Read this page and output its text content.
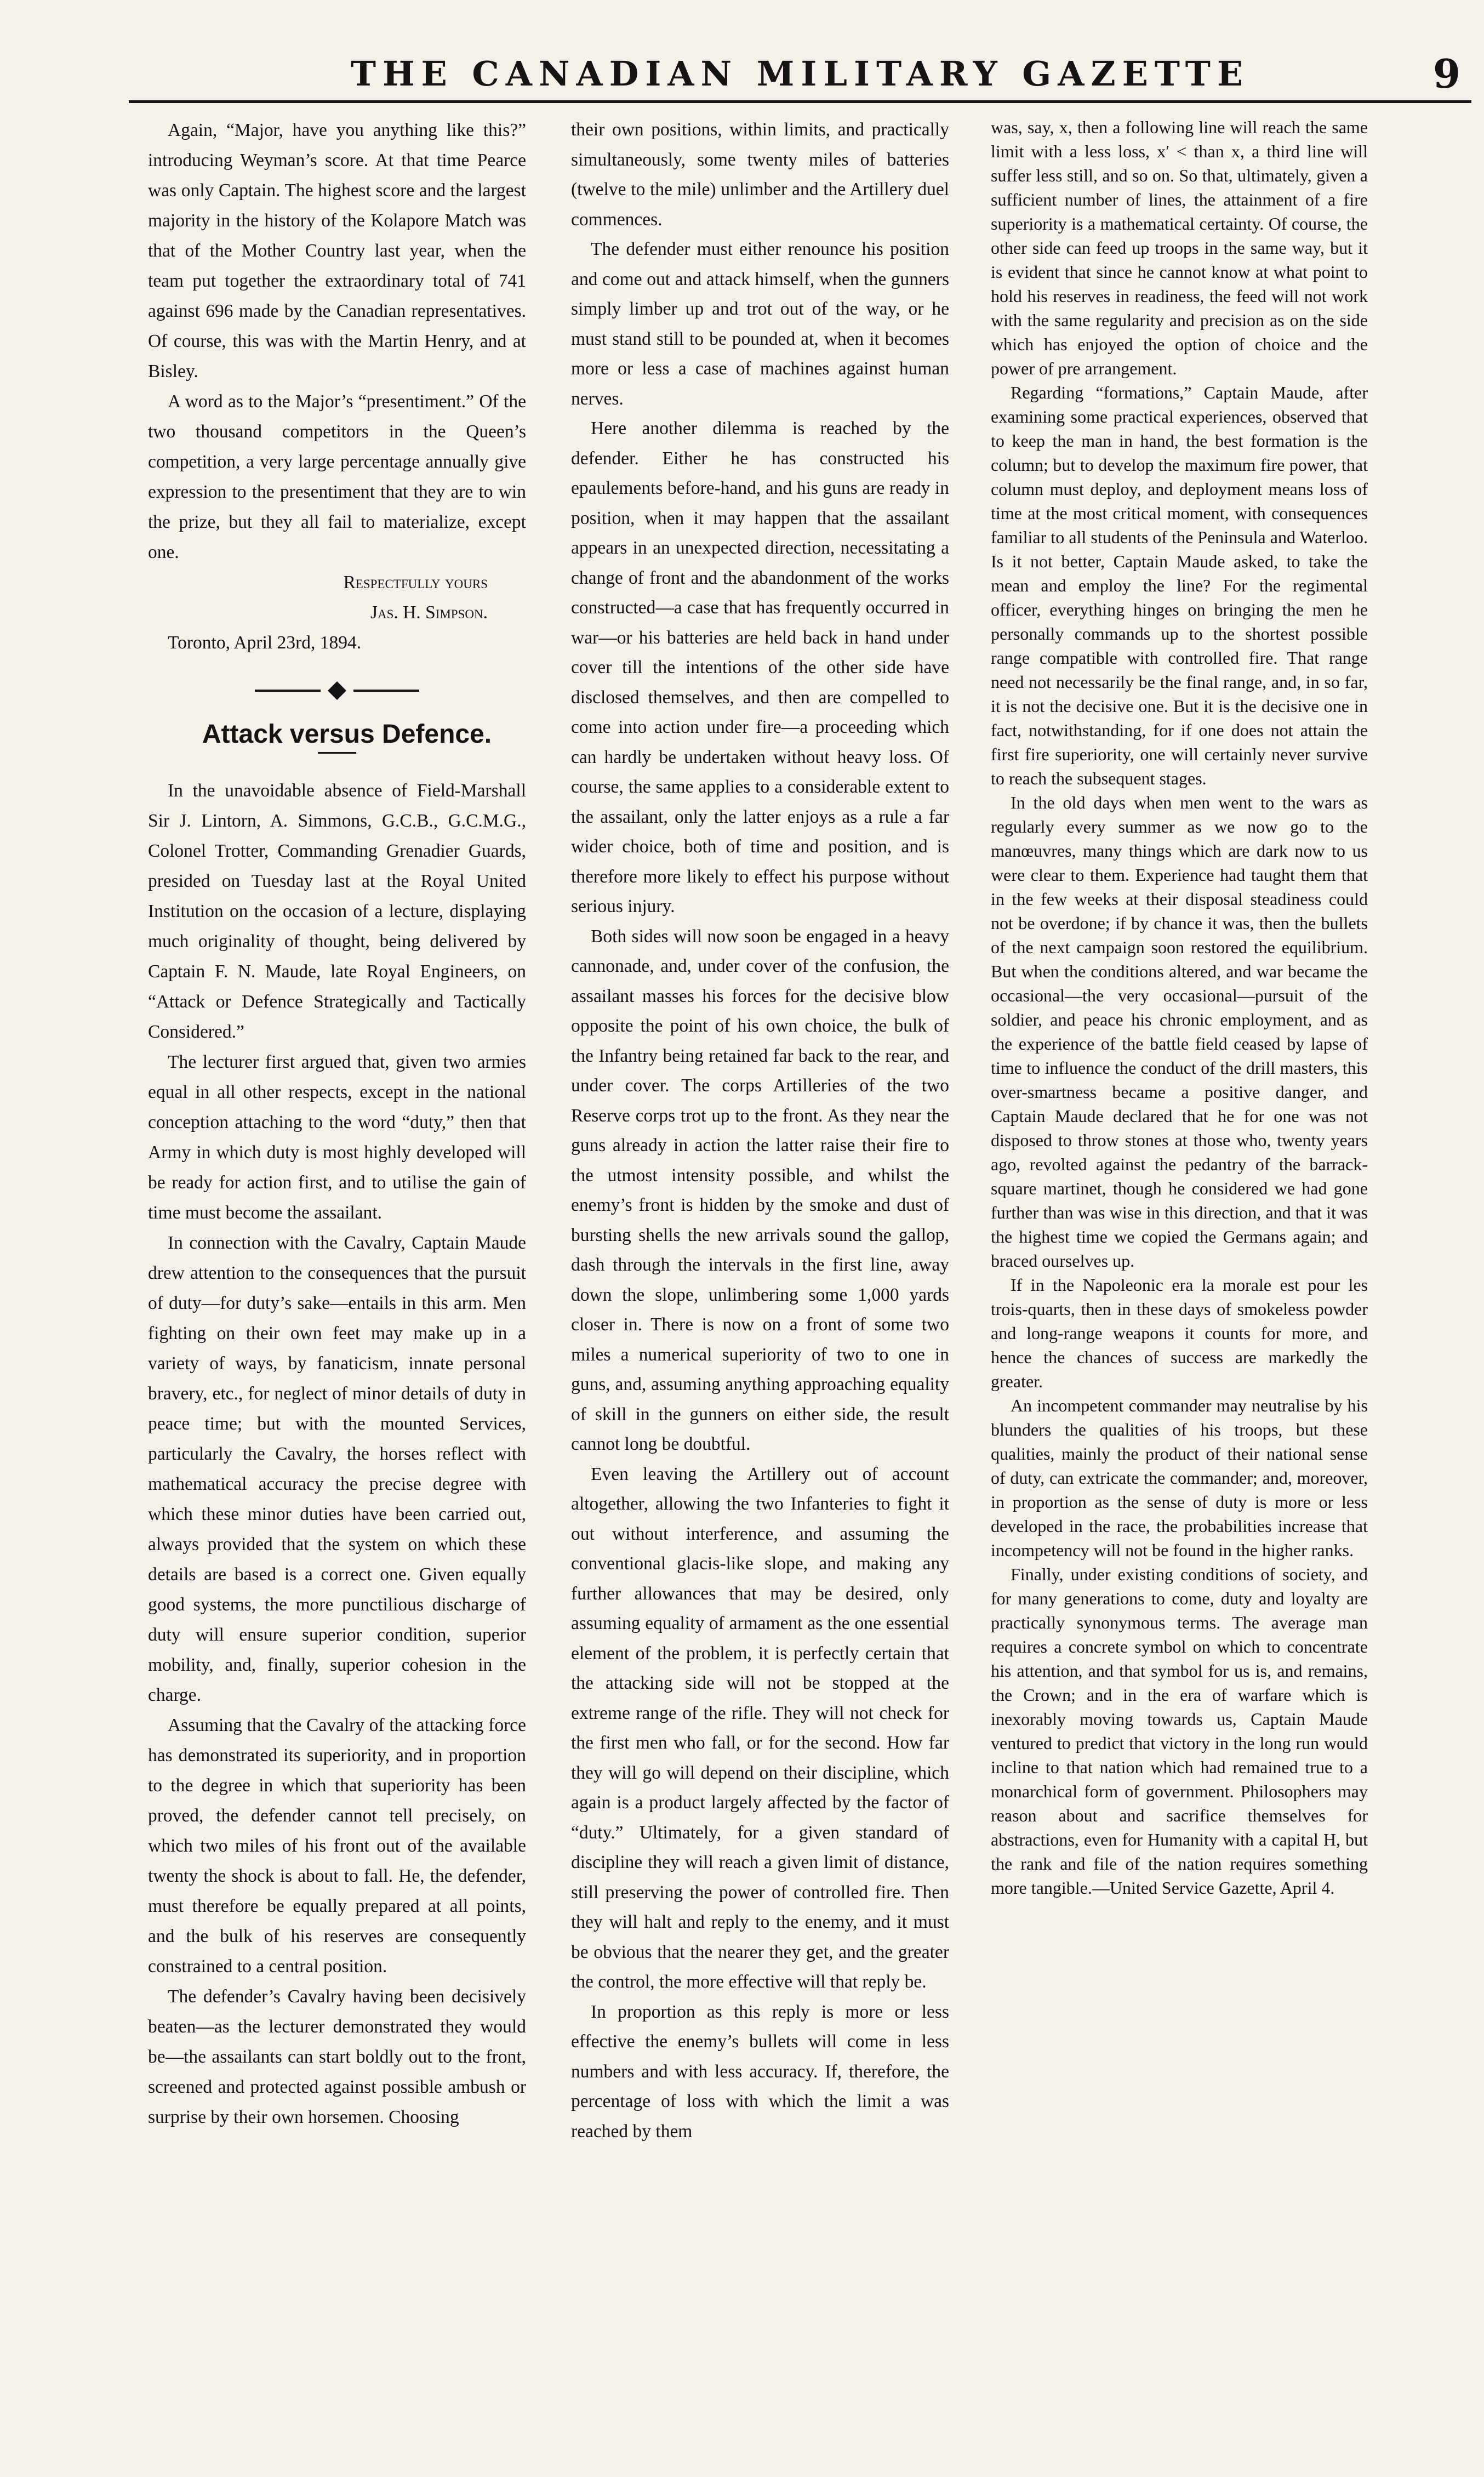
THE CANADIAN MILITARY GAZETTE	9

Again, “Major, have you anything like this?” introducing Weyman’s score. At that time Pearce was only Captain. The highest score and the largest majority in the history of the Kolapore Match was that of the Mother Country last year, when the team put together the extraordinary total of 741 against 696 made by the Canadian representatives. Of course, this was with the Martin Henry, and at Bisley.

A word as to the Major’s “presentiment.” Of the two thousand competitors in the Queen’s competition, a very large percentage annually give expression to the presentiment that they are to win the prize, but they all fail to materialize, except one.

Respectfully yours

Jas. H. Simpson.

Toronto, April 23rd, 1894.

Attack versus Defence.

In the unavoidable absence of Field-Marshall Sir J. Lintorn, A. Simmons, G.C.B., G.C.M.G., Colonel Trotter, Commanding Grenadier Guards, presided on Tuesday last at the Royal United Institution on the occasion of a lecture, displaying much originality of thought, being delivered by Captain F. N. Maude, late Royal Engineers, on “Attack or Defence Strategically and Tactically Considered.”

The lecturer first argued that, given two armies equal in all other respects, except in the national conception attaching to the word “duty,” then that Army in which duty is most highly developed will be ready for action first, and to utilise the gain of time must become the assailant.

In connection with the Cavalry, Captain Maude drew attention to the consequences that the pursuit of duty—for duty’s sake—entails in this arm. Men fighting on their own feet may make up in a variety of ways, by fanaticism, innate personal bravery, etc., for neglect of minor details of duty in peace time; but with the mounted Services, particularly the Cavalry, the horses reflect with mathematical accuracy the precise degree with which these minor duties have been carried out, always provided that the system on which these details are based is a correct one. Given equally good systems, the more punctilious discharge of duty will ensure superior condition, superior mobility, and, finally, superior cohesion in the charge.

Assuming that the Cavalry of the attacking force has demonstrated its superiority, and in proportion to the degree in which that superiority has been proved, the defender cannot tell precisely, on which two miles of his front out of the available twenty the shock is about to fall. He, the defender, must therefore be equally prepared at all points, and the bulk of his reserves are consequently constrained to a central position.

The defender’s Cavalry having been decisively beaten—as the lecturer demonstrated they would be—the assailants can start boldly out to the front, screened and protected against possible ambush or surprise by their own horsemen. Choosing

their own positions, within limits, and practically simultaneously, some twenty miles of batteries (twelve to the mile) unlimber and the Artillery duel commences.

The defender must either renounce his position and come out and attack himself, when the gunners simply limber up and trot out of the way, or he must stand still to be pounded at, when it becomes more or less a case of machines against human nerves.

Here another dilemma is reached by the defender. Either he has constructed his epaulements before-hand, and his guns are ready in position, when it may happen that the assailant appears in an unexpected direction, necessitating a change of front and the abandonment of the works constructed—a case that has frequently occurred in war—or his batteries are held back in hand under cover till the intentions of the other side have disclosed themselves, and then are compelled to come into action under fire—a proceeding which can hardly be undertaken without heavy loss. Of course, the same applies to a considerable extent to the assailant, only the latter enjoys as a rule a far wider choice, both of time and position, and is therefore more likely to effect his purpose without serious injury.

Both sides will now soon be engaged in a heavy cannonade, and, under cover of the confusion, the assailant masses his forces for the decisive blow opposite the point of his own choice, the bulk of the Infantry being retained far back to the rear, and under cover. The corps Artilleries of the two Reserve corps trot up to the front. As they near the guns already in action the latter raise their fire to the utmost intensity possible, and whilst the enemy’s front is hidden by the smoke and dust of bursting shells the new arrivals sound the gallop, dash through the intervals in the first line, away down the slope, unlimbering some 1,000 yards closer in. There is now on a front of some two miles a numerical superiority of two to one in guns, and, assuming anything approaching equality of skill in the gunners on either side, the result cannot long be doubtful.

Even leaving the Artillery out of account altogether, allowing the two Infanteries to fight it out without interference, and assuming the conventional glacis-like slope, and making any further allowances that may be desired, only assuming equality of armament as the one essential element of the problem, it is perfectly certain that the attacking side will not be stopped at the extreme range of the rifle. They will not check for the first men who fall, or for the second. How far they will go will depend on their discipline, which again is a product largely affected by the factor of “duty.” Ultimately, for a given standard of discipline they will reach a given limit of distance, still preserving the power of controlled fire. Then they will halt and reply to the enemy, and it must be obvious that the nearer they get, and the greater the control, the more effective will that reply be.

In proportion as this reply is more or less effective the enemy’s bullets will come in less numbers and with less accuracy. If, therefore, the percentage of loss with which the limit a was reached by them

was, say, x, then a following line will reach the same limit with a less loss, x′ < than x, a third line will suffer less still, and so on. So that, ultimately, given a sufficient number of lines, the attainment of a fire superiority is a mathematical certainty. Of course, the other side can feed up troops in the same way, but it is evident that since he cannot know at what point to hold his reserves in readiness, the feed will not work with the same regularity and precision as on the side which has enjoyed the option of choice and the power of pre arrangement.

Regarding “formations,” Captain Maude, after examining some practical experiences, observed that to keep the man in hand, the best formation is the column; but to develop the maximum fire power, that column must deploy, and deployment means loss of time at the most critical moment, with consequences familiar to all students of the Peninsula and Waterloo. Is it not better, Captain Maude asked, to take the mean and employ the line? For the regimental officer, everything hinges on bringing the men he personally commands up to the shortest possible range compatible with controlled fire. That range need not necessarily be the final range, and, in so far, it is not the decisive one. But it is the decisive one in fact, notwithstanding, for if one does not attain the first fire superiority, one will certainly never survive to reach the subsequent stages.

In the old days when men went to the wars as regularly every summer as we now go to the manœuvres, many things which are dark now to us were clear to them. Experience had taught them that in the few weeks at their disposal steadiness could not be overdone; if by chance it was, then the bullets of the next campaign soon restored the equilibrium. But when the conditions altered, and war became the occasional—the very occasional—pursuit of the soldier, and peace his chronic employment, and as the experience of the battle field ceased by lapse of time to influence the conduct of the drill masters, this over-smartness became a positive danger, and Captain Maude declared that he for one was not disposed to throw stones at those who, twenty years ago, revolted against the pedantry of the barrack-square martinet, though he considered we had gone further than was wise in this direction, and that it was the highest time we copied the Germans again; and braced ourselves up.

If in the Napoleonic era la morale est pour les trois-quarts, then in these days of smokeless powder and long-range weapons it counts for more, and hence the chances of success are markedly the greater.

An incompetent commander may neutralise by his blunders the qualities of his troops, but these qualities, mainly the product of their national sense of duty, can extricate the commander; and, moreover, in proportion as the sense of duty is more or less developed in the race, the probabilities increase that incompetency will not be found in the higher ranks.

Finally, under existing conditions of society, and for many generations to come, duty and loyalty are practically synonymous terms. The average man requires a concrete symbol on which to concentrate his attention, and that symbol for us is, and remains, the Crown; and in the era of warfare which is inexorably moving towards us, Captain Maude ventured to predict that victory in the long run would incline to that nation which had remained true to a monarchical form of government. Philosophers may reason about and sacrifice themselves for abstractions, even for Humanity with a capital H, but the rank and file of the nation requires something more tangible.—United Service Gazette, April 4.
